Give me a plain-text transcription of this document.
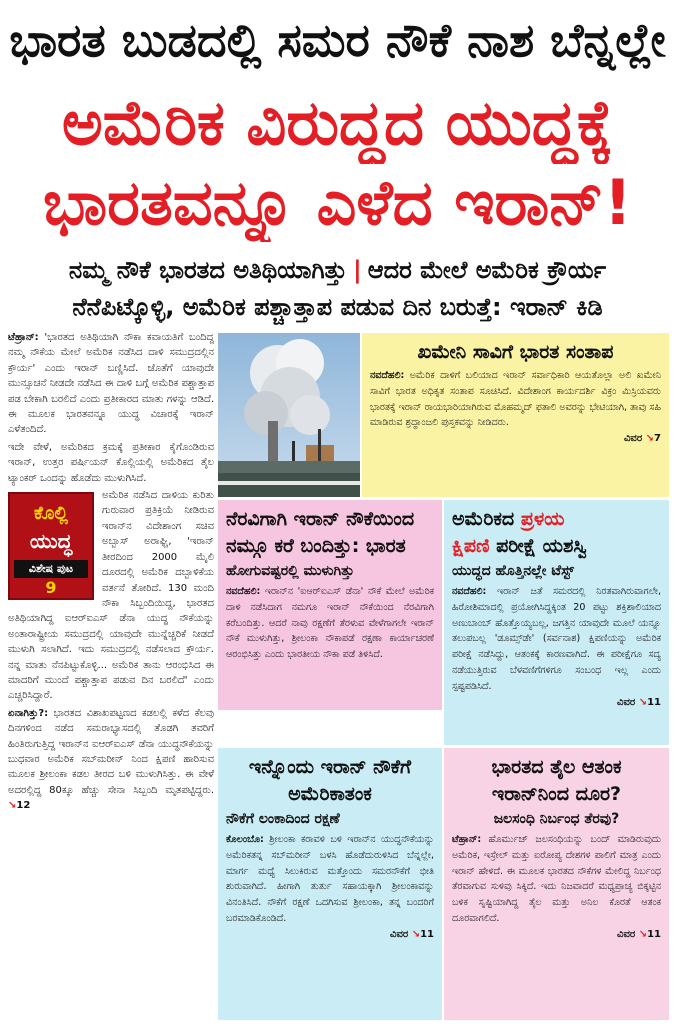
ಭಾರತ ಬುಡದಲ್ಲಿ ಸಮರ ನೌಕೆ ನಾಶ ಬೆನ್ನಲ್ಲೇ
ಅಮೆರಿಕ ವಿರುದ್ಧದ ಯುದ್ಧಕ್ಕೆ
ಭಾರತವನ್ನೂ ಎಳೆದ ಇರಾನ್!
ನಮ್ಮ ನೌಕೆ ಭಾರತದ ಅತಿಥಿಯಾಗಿತ್ತು | ಆದರ ಮೇಲೆ ಅಮೆರಿಕ ಕ್ರೌರ್ಯ
ನೆನೆಪಿಟ್ಕೊಳ್ಳಿ, ಅಮೆರಿಕ ಪಶ್ಚಾತ್ತಾಪ ಪಡುವ ದಿನ ಬರುತ್ತೆ: ಇರಾನ್ ಕಿಡಿ

ಟೆಹ್ರಾನ್: 'ಭಾರತದ ಅತಿಥಿಯಾಗಿ ನೌಕಾ ಕವಾಯತಿಗೆ ಬಂದಿದ್ದ ನಮ್ಮ ನೌಕೆಯ ಮೇಲೆ ಅಮೆರಿಕ ನಡೆಸಿದ ದಾಳಿ ಸಮುದ್ರದಲ್ಲಿನ ಕ್ರೌರ್ಯ' ಎಂದು ಇರಾನ್ ಬಣ್ಣಿಸಿದೆ. ಜೊತೆಗೆ ಯಾವುದೇ ಮುನ್ಸೂಚನೆ ನೀಡದೇ ನಡೆಸಿದ ಈ ದಾಳಿ ಬಗ್ಗೆ ಅಮೆರಿಕ ಪಶ್ಚಾತ್ತಾಪ ಪಡ ಬೇಕಾಗಿ ಬರಲಿದೆ ಎಂದು ಪ್ರತೀಕಾರದ ಮಾತು ಗಳನ್ನು ಆಡಿದೆ. ಈ ಮೂಲಕ ಭಾರತವನ್ನೂ ಯುದ್ಧ ವಿಚಾರಕ್ಕೆ ಇರಾನ್ ಎಳೆತಂದಿದೆ.

ಇದೇ ವೇಳೆ, ಅಮೆರಿಕದ ಕ್ರಮಕ್ಕೆ ಪ್ರತೀಕಾರ ಕೈಗೊಂಡಿರುವ ಇರಾನ್, ಉತ್ತರ ಪರ್ಷಿಯನ್ ಕೊಲ್ಲಿಯಲ್ಲಿ ಅಮೆರಿಕದ ತೈಲ ಟ್ಯಾಂಕರ್ ಒಂದನ್ನು ಹೊಡೆದು ಮುಳುಗಿಸಿದೆ.

ಕೊಲ್ಲಿ
ಯುದ್ಧ
ವಿಶೇಷ ಪುಟ
9

ಅಮೆರಿಕ ನಡೆಸಿದ ದಾಳಿಯ ಕುರಿತು ಗುರುವಾರ ಪ್ರತಿಕ್ರಿಯೆ ನೀಡಿರುವ ಇರಾನ್‌ನ ವಿದೇಶಾಂಗ ಸಚಿವ ಅಬ್ಬಾಸ್ ಅರಾಘ್ಚಿ, 'ಇರಾನ್ ತೀರದಿಂದ 2000 ಮೈಲಿ ದೂರದಲ್ಲಿ ಅಮೆರಿಕ ದಬ್ಬಾಳಿಕೆಯ ವರ್ತನೆ ತೋರಿದೆ. 130 ಮಂದಿ ನೌಕಾ ಸಿಬ್ಬಂದಿಯಿದ್ದ, ಭಾರತದ ಅತಿಥಿಯಾಗಿದ್ದ ಐಆರ್‌ಐಎಸ್ ಡೆನಾ ಯುದ್ಧ ನೌಕೆಯನ್ನು ಅಂತಾರಾಷ್ಟ್ರೀಯ ಸಮುದ್ರದಲ್ಲಿ ಯಾವುದೇ ಮುನ್ನೆಚ್ಚರಿಕೆ ನೀಡದೆ ಮುಳುಗಿ ಸಲಾಗಿದೆ. ಇದು ಸಮುದ್ರದಲ್ಲಿ ನಡೆಸಲಾದ ಕ್ರೌರ್ಯ. ನನ್ನ ಮಾತು ನೆನಪಿಟ್ಟುಕೊಳ್ಳಿ... ಅಮೆರಿಕ ತಾನು ಆರಂಭಿಸಿದ ಈ ಮಾದರಿಗೆ ಮುಂದೆ ಪಶ್ಚಾತ್ತಾಪ ಪಡುವ ದಿನ ಬರಲಿದೆ' ಎಂದು ಎಚ್ಚರಿಸಿದ್ದಾರೆ.

ಏನಾಗಿತ್ತು?: ಭಾರತದ ವಿಶಾಖಪಟ್ಟಣದ ಕಡಲಲ್ಲಿ ಕಳೆದ ಕೆಲವು ದಿನಗಳಿಂದ ನಡೆದ ಸಮರಾಭ್ಯಾಸದಲ್ಲಿ ತೊಡಗಿ ತವರಿಗೆ ಹಿಂತಿರುಗುತ್ತಿದ್ದ ಇರಾನ್‌ನ ಐಆರ್‌ಐಎಸ್ ಡೆನಾ ಯುದ್ಧನೌಕೆಯನ್ನು ಬುಧವಾರ ಅಮೆರಿಕ ಸಬ್‌ಮರೀನ್ ನಿಂದ ಕ್ಷಿಪಣಿ ಹಾರಿಸುವ ಮೂಲಕ ಶ್ರೀಲಂಕಾ ಕಡಲ ತೀರದ ಬಳಿ ಮುಳುಗಿಸಿತ್ತು. ಈ ವೇಳೆ ಅದರಲ್ಲಿದ್ದ 80ಕ್ಕೂ ಹೆಚ್ಚು ಸೇನಾ ಸಿಬ್ಬಂದಿ ಮೃತಪಟ್ಟಿದ್ದರು. ↘12

ಖಮೇನಿ ಸಾವಿಗೆ ಭಾರತ ಸಂತಾಪ
ನವದೆಹಲಿ: ಅಮೆರಿಕ ದಾಳಿಗೆ ಬಲಿಯಾದ ಇರಾನ್ ಸರ್ವಾಧಿಕಾರಿ ಆಯತೊಲ್ಲಾ ಅಲಿ ಖಮೇನಿ ಸಾವಿಗೆ ಭಾರತ ಅಧಿಕೃತ ಸಂತಾಪ ಸೂಚಿಸಿದೆ. ವಿದೇಶಾಂಗ ಕಾರ್ಯದರ್ಶಿ ವಿಕ್ರಂ ಮಿಸ್ರಿಯವರು ಭಾರತಕ್ಕೆ ಇರಾನ್ ರಾಯಭಾರಿಯಾಗಿರುವ ಮೊಹಮ್ಮದ್ ಫತಾಲಿ ಅವರನ್ನು ಭೇಟಿಯಾಗಿ, ತಾವು ಸಹಿ ಮಾಡಿರುವ ಶ್ರದ್ಧಾಂಜಲಿ ಪುಸ್ತಕವನ್ನು ನೀಡಿದರು.
ವಿವರ ↘7
ನೆರವಿಗಾಗಿ ಇರಾನ್ ನೌಕೆಯಿಂದ ನಮ್ಗೂ ಕರೆ ಬಂದಿತ್ತು: ಭಾರತ
ಹೋಗುವಷ್ಟರಲ್ಲಿ ಮುಳುಗಿತ್ತು
ನವದೆಹಲಿ: ಇರಾನ್‌ನ 'ಐಆರ್‌ಐಎಸ್ ಡೆನಾ' ನೌಕೆ ಮೇಲೆ ಅಮೆರಿಕ ದಾಳಿ ನಡೆಸಿದಾಗ ನಮಗೂ ಇರಾನ್ ನೌಕೆಯಿಂದ ನೆರವಿಗಾಗಿ ಕರೆಬಂದಿತ್ತು. ಆದರೆ ನಾವು ರಕ್ಷಣೆಗೆ ತೆರಳುವ ವೇಳೆಗಾಗಲೇ ಇರಾನ್ ನೌಕೆ ಮುಳುಗಿತ್ತು, ಶ್ರೀಲಂಕಾ ನೌಕಾಪಡೆ ರಕ್ಷಣಾ ಕಾರ್ಯಾಚರಣೆ ಆರಂಭಿಸಿತ್ತು ಎಂದು ಭಾರತೀಯ ನೌಕಾ ಪಡೆ ತಿಳಿಸಿದೆ.
ಅಮೆರಿಕದ ಪ್ರಳಯ
ಕ್ಷಿಪಣಿ ಪರೀಕ್ಷೆ ಯಶಸ್ವಿ
ಯುದ್ಧದ ಹೊತ್ತಿನಲ್ಲೇ ಟೆಸ್ಟ್
ನವದೆಹಲಿ: ಇರಾನ್ ಜತೆ ಸಮರದಲ್ಲಿ ನಿರತವಾಗಿರುವಾಗಲೇ, ಹಿರೋಶಿಮಾದಲ್ಲಿ ಪ್ರಯೋಗಿಸಿದ್ದಕ್ಕಿಂತ 20 ಪಟ್ಟು ಶಕ್ತಿಶಾಲಿಯಾದ ಅಣುಬಾಂಬ್ ಹೊತ್ತೊಯ್ಯಬಲ್ಲ, ಜಗತ್ತಿನ ಯಾವುದೇ ಮೂಲೆ ಯನ್ನೂ ತಲುಪಬಲ್ಲ 'ಡೂಮ್ಸ್‌ಡೇ' (ಸರ್ವನಾಶ) ಕ್ಷಿಪಣಿಯನ್ನು ಅಮೆರಿಕ ಪರೀಕ್ಷೆ ನಡೆಸಿದ್ದು, ಆತಂಕಕ್ಕೆ ಕಾರಣವಾಗಿದೆ. ಈ ಪರೀಕ್ಷೆಗೂ ಸದ್ಯ ನಡೆಯುತ್ತಿರುವ ಬೆಳವಣಿಗೆಗಳಿಗೂ ಸಂಬಂಧ ಇಲ್ಲ ಎಂದು ಸ್ಪಷ್ಟಪಡಿಸಿದೆ.
ವಿವರ ↘11
ಇನ್ನೊಂದು ಇರಾನ್ ನೌಕೆಗೆ ಅಮೆರಿಕಾತಂಕ
ನೌಕೆಗೆ ಲಂಕಾದಿಂದ ರಕ್ಷಣೆ
ಕೊಲಂಬೊ: ಶ್ರೀಲಂಕಾ ಕರಾವಳಿ ಬಳಿ ಇರಾನ್‌ನ ಯುದ್ಧನೌಕೆಯನ್ನು ಅಮೆರಿಕತನ್ನ ಸಬ್‌ಮರೀನ್ ಬಳಸಿ ಹೊಡೆದುರುಳಿಸಿದ ಬೆನ್ನಲ್ಲೇ, ಮಾರ್ಗ ಮಧ್ಯೆ ಸಿಲುಕಿರುವ ಮತ್ತೊಂದು ಸಮರನೌಕೆಗೆ ಭೀತಿ ಶುರುವಾಗಿದೆ. ಹೀಗಾಗಿ ತುರ್ತು ಸಹಾಯಕ್ಕಾಗಿ ಶ್ರೀಲಂಕಾವನ್ನು ವಿನಂತಿಸಿದೆ. ನೌಕೆಗೆ ರಕ್ಷಣೆ ಒದಗಿಸುವ ಶ್ರೀಲಂಕಾ, ತನ್ನ ಬಂದರಿಗೆ ಬರಮಾಡಿಕೊಂಡಿದೆ.
ವಿವರ ↘11
ಭಾರತದ ತೈಲ ಆತಂಕ ಇರಾನ್‌ನಿಂದ ದೂರ?
ಜಲಸಂಧಿ ನಿರ್ಬಂಧ ತೆರವು?
ಟೆಹ್ರಾನ್: ಹೊರ್ಮುಜ್ ಜಲಸಂಧಿಯನ್ನು ಬಂದ್ ಮಾಡಿರುವುದು ಅಮೆರಿಕ, ಇಸ್ರೇಲ್ ಮತ್ತು ಐರೋಪ್ಯ ದೇಶಗಳ ಪಾಲಿಗೆ ಮಾತ್ರ ಎಂದು ಇರಾನ್ ಹೇಳಿದೆ. ಈ ಮೂಲಕ ಭಾರತದ ನೌಕೆಗಳ ಮೇಲಿದ್ದ ನಿರ್ಬಂಧ ತೆರವಾಗುವ ಸುಳಿವು ಸಿಕ್ಕಿದೆ. ಇದು ನಿಜವಾದರೆ ಮಧ್ಯಪ್ರಾಚ್ಯ ಬಿಕ್ಕಟ್ಟಿನ ಬಳಿಕ ಸೃಷ್ಟಿಯಾಗಿದ್ದ ತೈಲ ಮತ್ತು ಅನಿಲ ಕೊರತೆ ಆತಂಕ ದೂರವಾಗಲಿದೆ.
ವಿವರ ↘11
